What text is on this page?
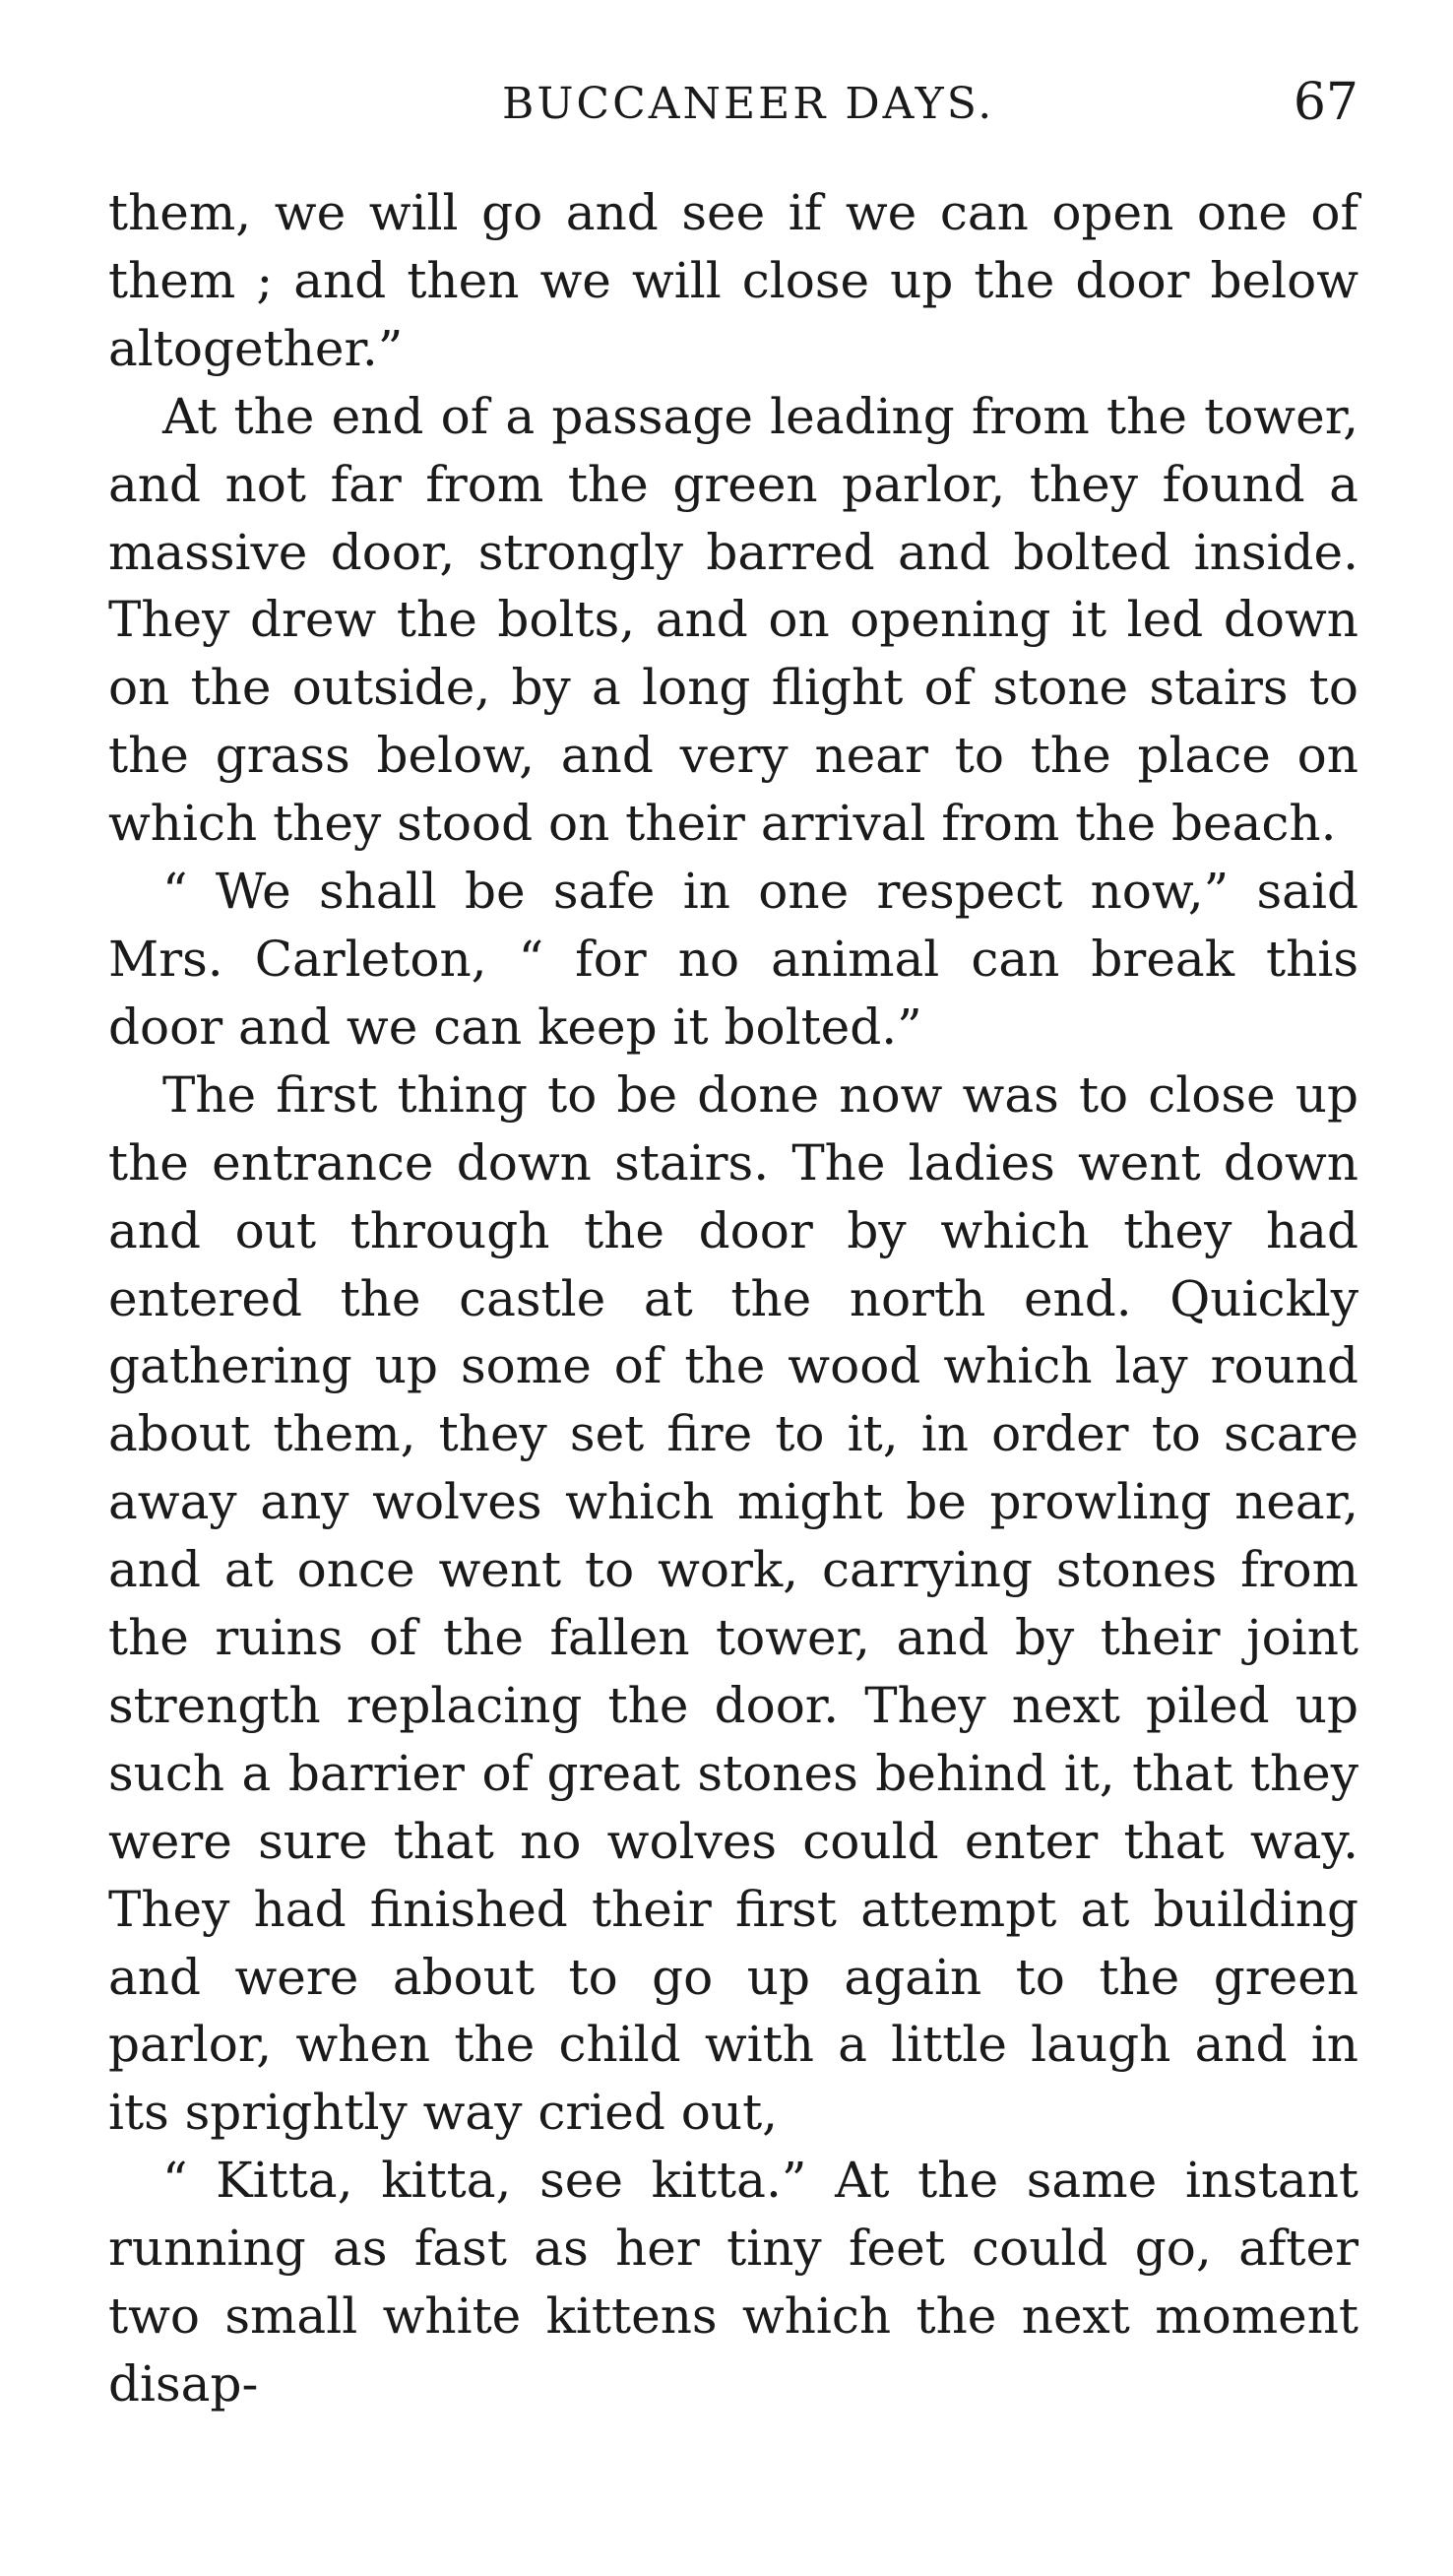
BUCCANEER DAYS.	67

them, we will go and see if we can open one of them ; and then we will close up the door below altogether.”

At the end of a passage leading from the tower, and not far from the green parlor, they found a massive door, strongly barred and bolted inside. They drew the bolts, and on opening it led down on the outside, by a long flight of stone stairs to the grass below, and very near to the place on which they stood on their arrival from the beach.

“ We shall be safe in one respect now,” said Mrs. Carleton, “ for no animal can break this door and we can keep it bolted.”

The first thing to be done now was to close up the entrance down stairs. The ladies went down and out through the door by which they had entered the castle at the north end. Quickly gathering up some of the wood which lay round about them, they set fire to it, in order to scare away any wolves which might be prowling near, and at once went to work, carrying stones from the ruins of the fallen tower, and by their joint strength replacing the door. They next piled up such a barrier of great stones behind it, that they were sure that no wolves could enter that way. They had finished their first attempt at building and were about to go up again to the green parlor, when the child with a little laugh and in its sprightly way cried out,

“ Kitta, kitta, see kitta.” At the same instant running as fast as her tiny feet could go, after two small white kittens which the next moment disap-
